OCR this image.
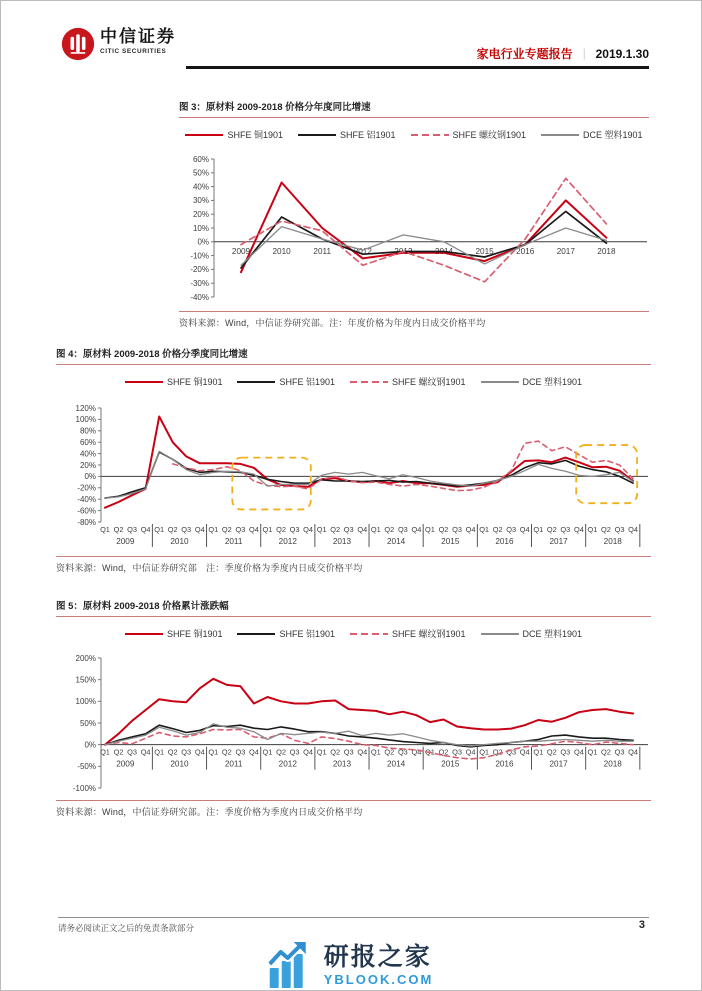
中信证券
CITIC SECURITIES	家电行业专题报告 ｜ 2019.1.30
图 3：原材料 2009-2018 价格分年度同比增速
SHFE 铜1901	SHFE 铝1901	SHFE 螺纹钢1901	DCE 塑料1901
60%
50%
40%
30%
20%
10%
0%
-10%
-20%
-30%
-40%
2009	2010	2011	2012	2013	2014	2015	2016	2017	2018
资料来源：Wind，中信证券研究部。注：年度价格为年度内日成交价格平均
图 4：原材料 2009-2018 价格分季度同比增速
SHFE 铜1901	SHFE 铝1901	SHFE 螺纹钢1901	DCE 塑料1901
120%
100%
80%
60%
40%
20%
0%
-20%
-40%
-60%
-80%
Q1 Q2 Q3 Q4
2009
Q1 Q2 Q3 Q4
2010
Q1 Q2 Q3 Q4
2011
Q1 Q2 Q3 Q4
2012
Q1 Q2 Q3 Q4
2013
Q1 Q2 Q3 Q4
2014
Q1 Q2 Q3 Q4
2015
Q1 Q2 Q3 Q4
2016
Q1 Q2 Q3 Q4
2017
Q1 Q2 Q3 Q4
2018
资料来源：Wind，中信证券研究部　注：季度价格为季度内日成交价格平均
图 5：原材料 2009-2018 价格累计涨跌幅
SHFE 铜1901	SHFE 铝1901	SHFE 螺纹钢1901	DCE 塑料1901
200%
150%
100%
50%
0%
-50%
-100%
Q1 Q2 Q3 Q4
2009
Q1 Q2 Q3 Q4
2010
Q1 Q2 Q3 Q4
2011
Q1 Q2 Q3 Q4
2012
Q1 Q2 Q3 Q4
2013
Q1 Q2 Q3 Q4
2014
Q1 Q2 Q3 Q4
2015
Q1 Q2 Q3 Q4
2016
Q1 Q2 Q3 Q4
2017
Q1 Q2 Q3 Q4
2018
资料来源：Wind，中信证券研究部。注：季度价格为季度内日成交价格平均
请务必阅读正文之后的免责条款部分	3
研报之家
YBLOOK.COM
